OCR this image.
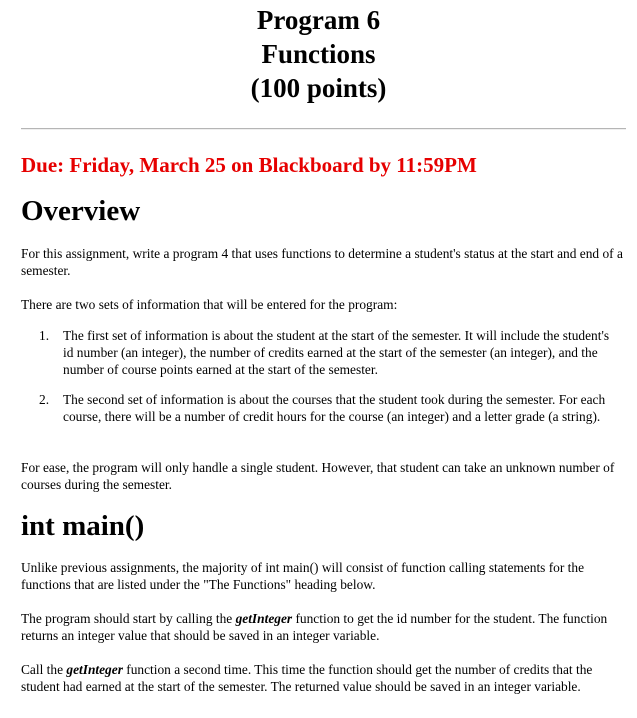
Program 6
Functions
(100 points)
Due: Friday, March 25 on Blackboard by 11:59PM
Overview

For this assignment, write a program 4 that uses functions to determine a student's status at the start and end of a semester.

There are two sets of information that will be entered for the program:

1.	The first set of information is about the student at the start of the semester. It will include the student's id number (an integer), the number of credits earned at the start of the semester (an integer), and the number of course points earned at the start of the semester.
2.	The second set of information is about the courses that the student took during the semester. For each course, there will be a number of credit hours for the course (an integer) and a letter grade (a string).

For ease, the program will only handle a single student. However, that student can take an unknown number of courses during the semester.

int main()

Unlike previous assignments, the majority of int main() will consist of function calling statements for the functions that are listed under the "The Functions" heading below.

The program should start by calling the getInteger function to get the id number for the student. The function returns an integer value that should be saved in an integer variable.

Call the getInteger function a second time. This time the function should get the number of credits that the student had earned at the start of the semester. The returned value should be saved in an integer variable.
